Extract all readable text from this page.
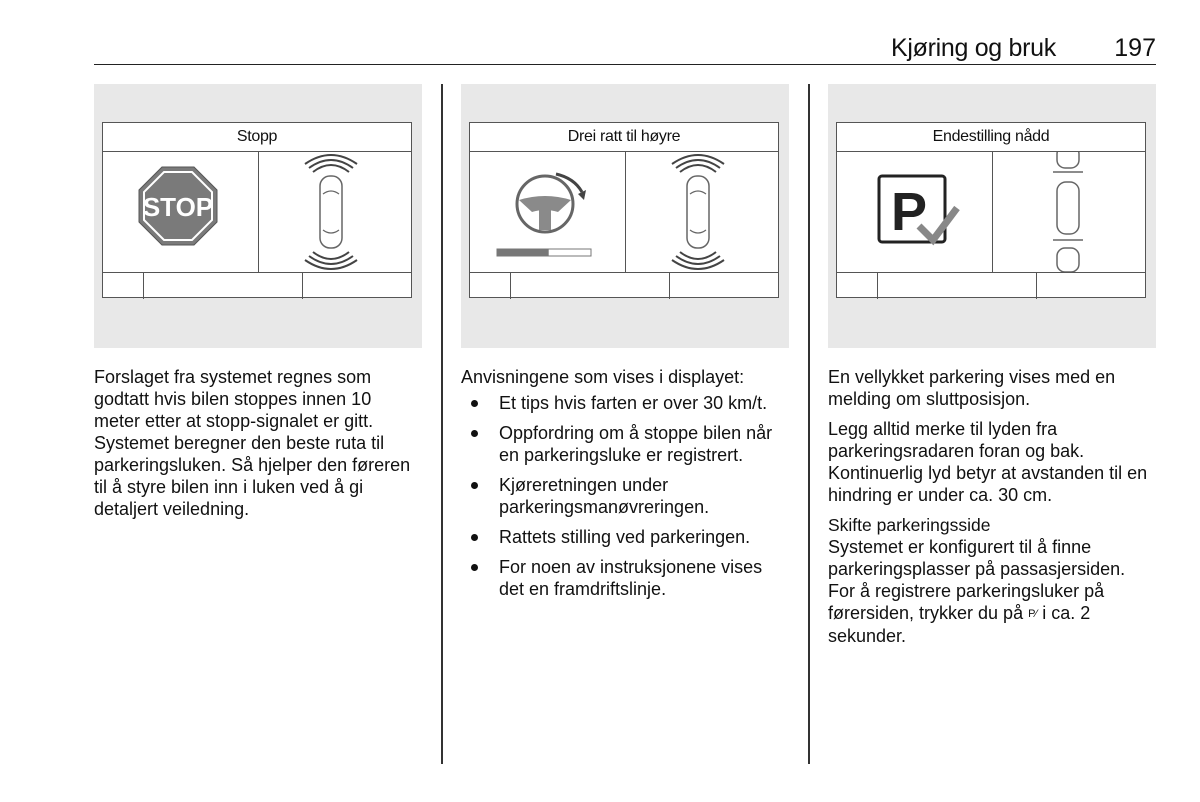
Kjøring og bruk 197
Stopp
STOP

Forslaget fra systemet regnes som godtatt hvis bilen stoppes innen 10 meter etter at stopp-signalet er gitt. Systemet beregner den beste ruta til parkeringsluken. Så hjelper den føreren til å styre bilen inn i luken ved å gi detaljert veiledning.

Drei ratt til høyre

Anvisningene som vises i displayet:

Et tips hvis farten er over 30 km/t.
Oppfordring om å stoppe bilen når en parkeringsluke er registrert.
Kjøreretningen under parkeringsmanøvreringen.
Rattets stilling ved parkeringen.
For noen av instruksjonene vises det en framdriftslinje.
Endestilling nådd
P

En vellykket parkering vises med en melding om sluttposisjon.

Legg alltid merke til lyden fra parkeringsradaren foran og bak. Kontinuerlig lyd betyr at avstanden til en hindring er under ca. 30 cm.

Skifte parkeringsside

Systemet er konfigurert til å finne parkeringsplasser på passasjersiden.

For å registrere parkeringsluker på førersiden, trykker du på P⁄ i ca. 2 sekunder.
